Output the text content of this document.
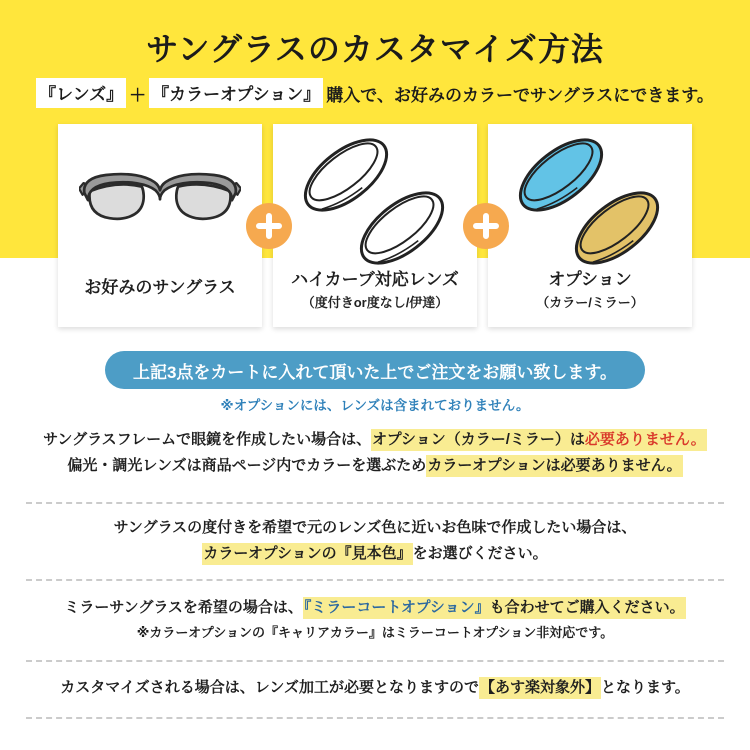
サングラスのカスタマイズ方法
『レンズ』 ＋ 『カラーオプション』 購入で、お好みのカラーでサングラスにできます。
お好みのサングラス	ハイカーブ対応レンズ
（度付きor度なし/伊達）
オプション
（カラー/ミラー）
上記3点をカートに入れて頂いた上でご注文をお願い致します。
※オプションには、レンズは含まれておりません。
サングラスフレームで眼鏡を作成したい場合は、オプション（カラー/ミラー）は必要ありません。
偏光・調光レンズは商品ページ内でカラーを選ぶためカラーオプションは必要ありません。
サングラスの度付きを希望で元のレンズ色に近いお色味で作成したい場合は、
カラーオプションの『見本色』をお選びください。
ミラーサングラスを希望の場合は、『ミラーコートオプション』も合わせてご購入ください。
※カラーオプションの『キャリアカラー』はミラーコートオプション非対応です。
カスタマイズされる場合は、レンズ加工が必要となりますので【あす楽対象外】となります。
